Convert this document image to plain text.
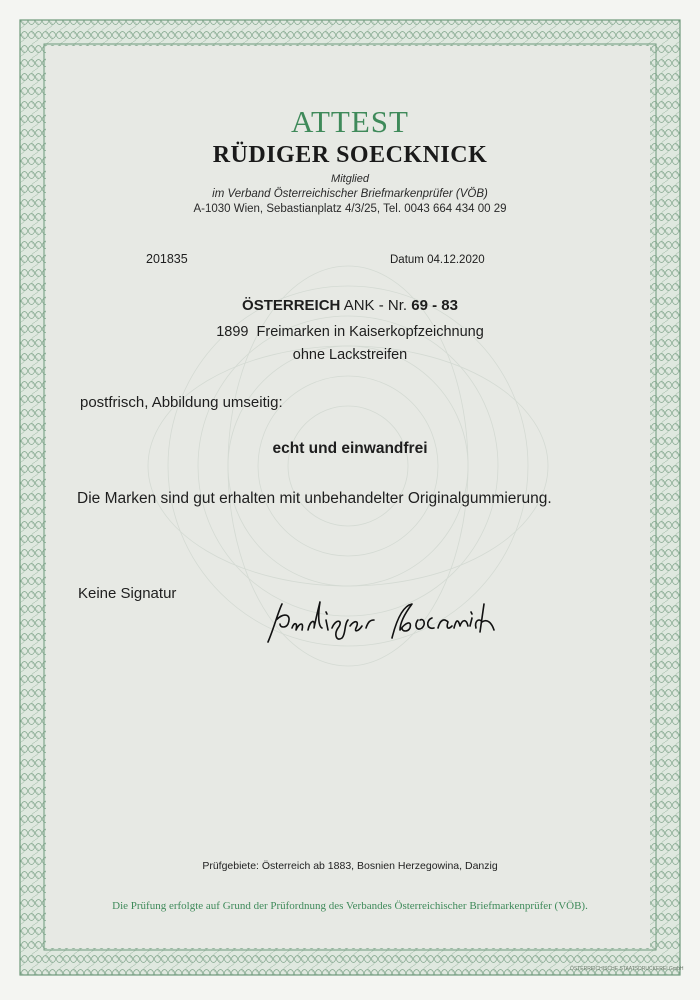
ATTEST
RÜDIGER SOECKNICK
Mitglied
im Verband Österreichischer Briefmarkenprüfer (VÖB)
A-1030 Wien, Sebastianplatz 4/3/25, Tel. 0043 664 434 00 29
201835	Datum 04.12.2020
ÖSTERREICH ANK - Nr. 69 - 83
1899  Freimarken in Kaiserkopfzeichnung
ohne Lackstreifen
postfrisch, Abbildung umseitig:
echt und einwandfrei
Die Marken sind gut erhalten mit unbehandelter Originalgummierung.
Keine Signatur
Prüfgebiete: Österreich ab 1883, Bosnien Herzegowina, Danzig
Die Prüfung erfolgte auf Grund der Prüfordnung des Verbandes Österreichischer Briefmarkenprüfer (VÖB).
ÖSTERREICHISCHE STAATSDRUCKEREI GmbH
